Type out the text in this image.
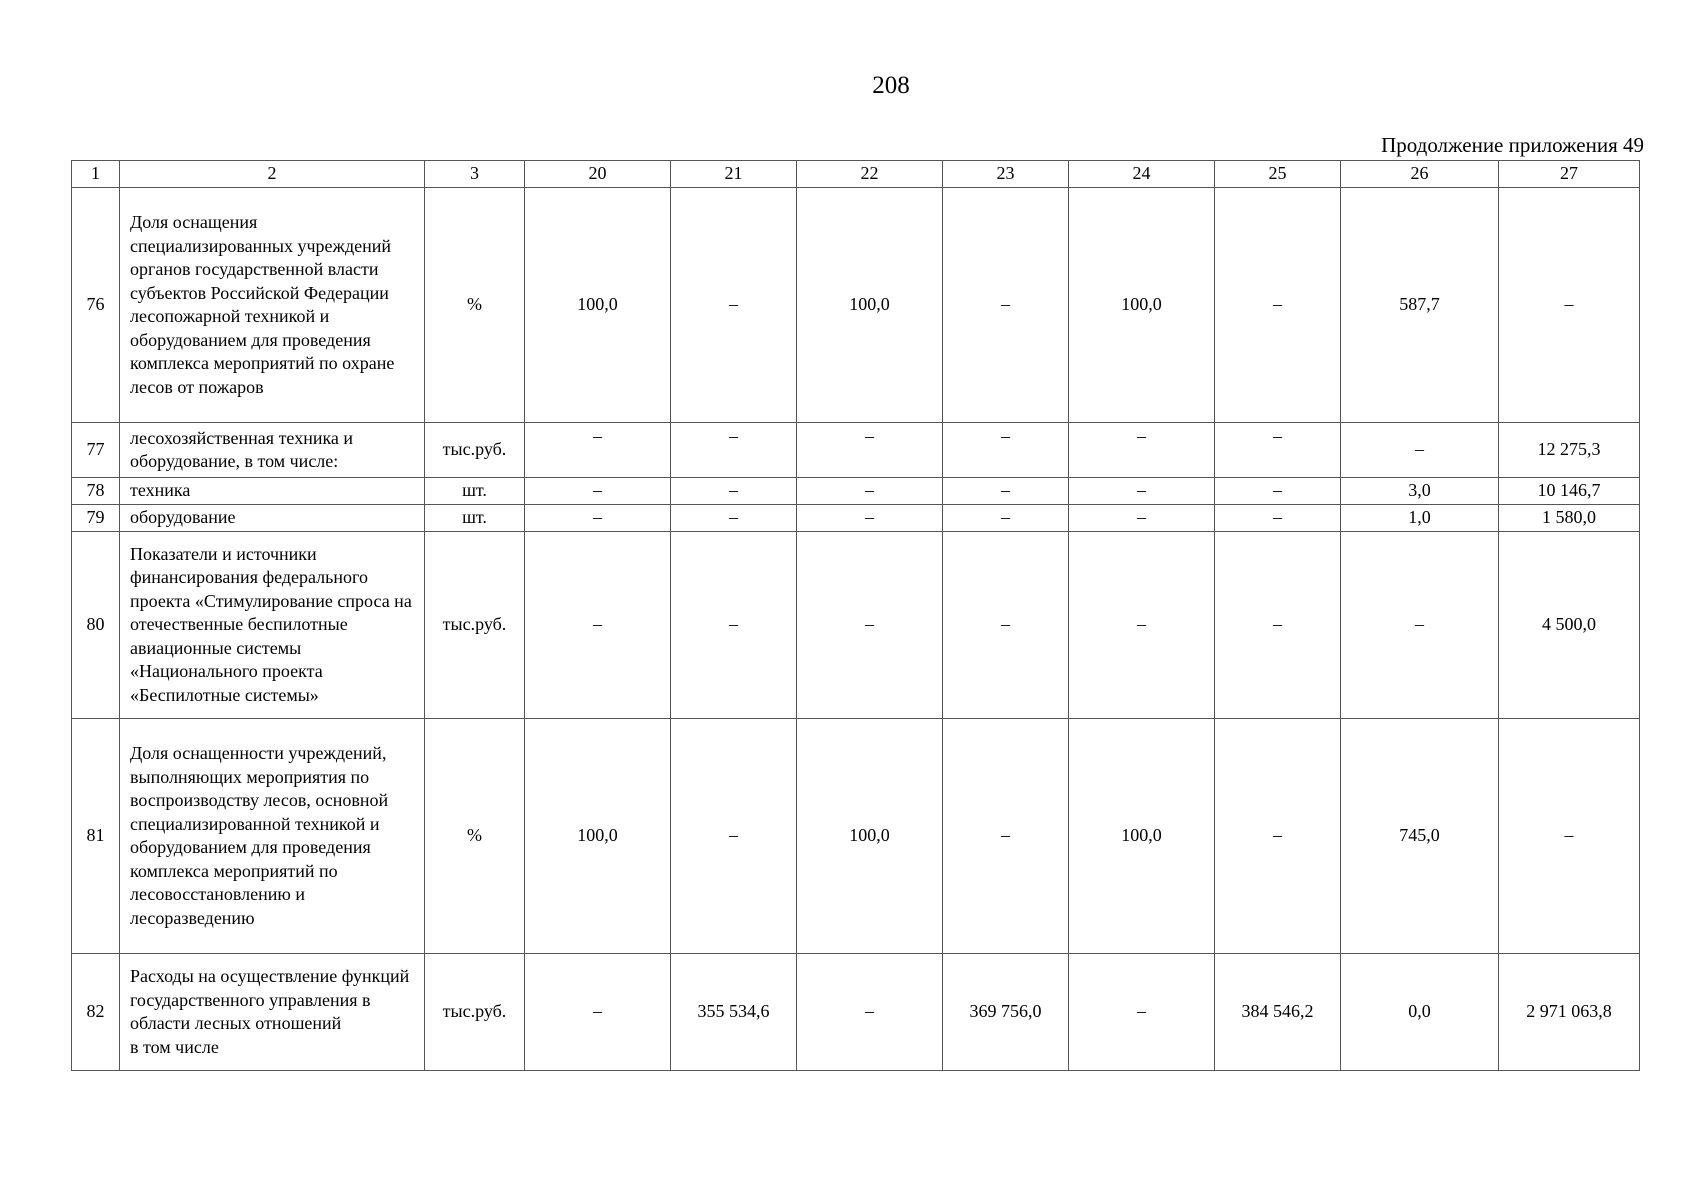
208
Продолжение приложения 49
1	2	3	20	21	22	23	24	25	26	27
76	Доля оснащения специализированных учреждений органов государственной власти субъектов Российской Федерации лесопожарной техникой и оборудованием для проведения комплекса мероприятий по охране лесов от пожаров	%	100,0	–	100,0	–	100,0	–	587,7	–
77	лесохозяйственная техника и оборудование, в том числе:	тыс.руб.	–	–	–	–	–	–	–	12 275,3
78	техника	шт.	–	–	–	–	–	–	3,0	10 146,7
79	оборудование	шт.	–	–	–	–	–	–	1,0	1 580,0
80	Показатели и источники финансирования федерального проекта «Стимулирование спроса на отечественные беспилотные авиационные системы «Национального проекта «Беспилотные системы»	тыс.руб.	–	–	–	–	–	–	–	4 500,0
81	Доля оснащенности учреждений, выполняющих мероприятия по воспроизводству лесов, основной специализированной техникой и оборудованием для проведения комплекса мероприятий по лесовосстановлению и лесоразведению	%	100,0	–	100,0	–	100,0	–	745,0	–
82	Расходы на осуществление функций государственного управления в области лесных отношений
в том числе	тыс.руб.	–	355 534,6	–	369 756,0	–	384 546,2	0,0	2 971 063,8
